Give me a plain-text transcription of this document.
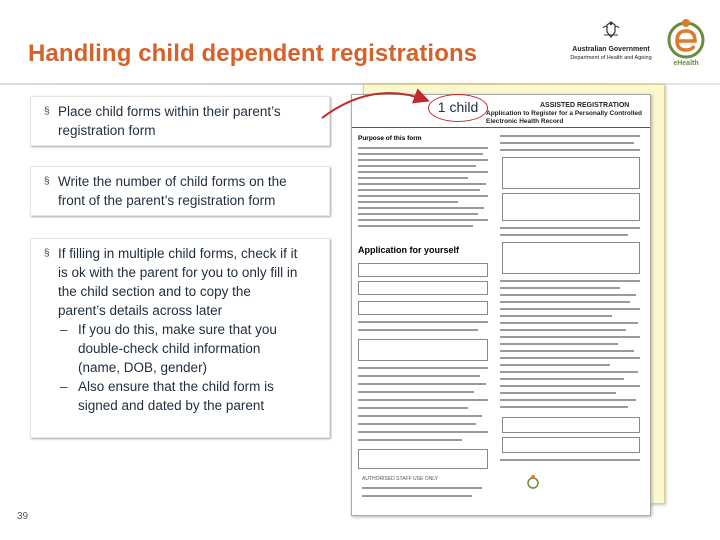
Handling child dependent registrations	Australian Government
Department of Health and Ageing
eHealth
§ Place child forms within their parent’s
registration form
§ Write the number of child forms on the
front of the parent’s registration form
§ If filling in multiple child forms, check if it
is ok with the parent for you to only fill in
the child section and to copy the
parent’s details across later
– If you do this, make sure that you
double-check child information
(name, DOB, gender)
– Also ensure that the child form is
signed and dated by the parent
39
ASSISTED REGISTRATION
Application to Register for a Personally Controlled Electronic Health Record
Purpose of this form
Application for yourself
AUTHORISED STAFF USE ONLY
1 child
